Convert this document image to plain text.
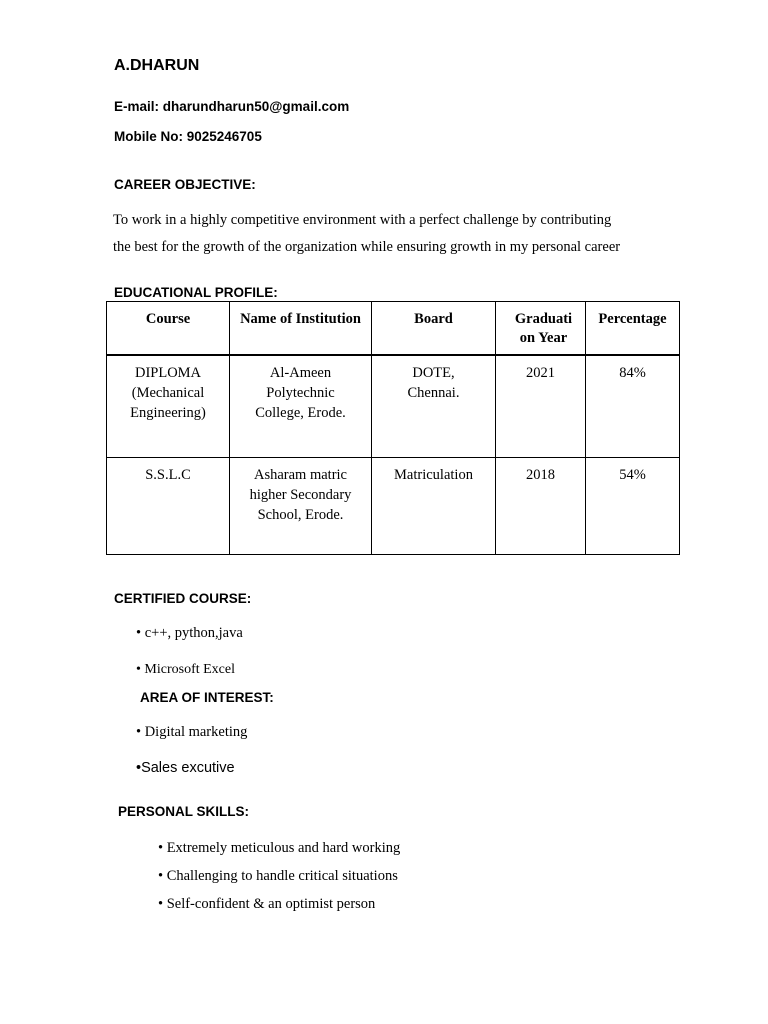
A.DHARUN
E-mail: dharundharun50@gmail.com
Mobile No: 9025246705
CAREER OBJECTIVE:
To work in a highly competitive environment with a perfect challenge by contributing
the best for the growth of the organization while ensuring growth in my personal career
EDUCATIONAL PROFILE:
Course	Name of Institution	Board	Graduati on Year	Percentage
DIPLOMA (Mechanical Engineering)	Al-Ameen Polytechnic College, Erode.	DOTE, Chennai.	2021	84%
S.S.L.C	Asharam matric higher Secondary School, Erode.	Matriculation	2018	54%
CERTIFIED COURSE:
• c++, python,java
• Microsoft Excel
AREA OF INTEREST:
• Digital marketing
•Sales excutive
PERSONAL SKILLS:
• Extremely meticulous and hard working
• Challenging to handle critical situations
• Self-confident & an optimist person
